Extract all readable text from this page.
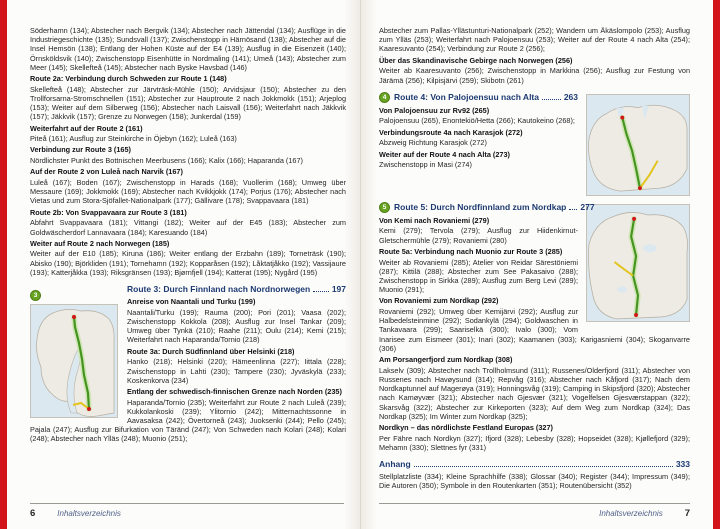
Söderhamn (134); Abstecher nach Bergvik (134); Abstecher nach Jättendal (134); Ausflüge in die Industriegeschichte (135); Sundsvall (137); Zwischenstopp in Härnösand (138); Abstecher auf die Insel Hemsön (138); Entlang der Hohen Küste auf der E4 (139); Ausflug in die Eisenzeit (140); Örnsköldsvik (140); Zwischenstopp Eisenhütte in Nordmaling (141); Umeå (143); Abstecher zum Meer (145); Skellefteå (145); Abstecher nach Byske Havsbad (146)

Route 2a: Verbindung durch Schweden zur Route 1 (148)

Skellefteå (148); Abstecher zur Järvträsk-Mühle (150); Arvidsjaur (150); Abstecher zu den Trollforsarna-Stromschnellen (151); Abstecher zur Hauptroute 2 nach Jokkmokk (151); Arjeplog (153); Weiter auf dem Silberweg (156); Abstecher nach Laisvall (156); Weiterfahrt nach Jäkkvik (157); Jäkkvik (157); Grenze zu Norwegen (158); Junkerdal (159)

Weiterfahrt auf der Route 2 (161)

Piteå (161); Ausflug zur Steinkirche in Öjebyn (162); Luleå (163)

Verbindung zur Route 3 (165)

Nördlichster Punkt des Bottnischen Meerbusens (166); Kalix (166); Haparanda (167)

Auf der Route 2 von Luleå nach Narvik (167)

Luleå (167); Boden (167); Zwischenstopp in Harads (168); Vuollerim (168); Umweg über Messaure (169); Jokkmokk (169); Abstecher nach Kvikkjokk (174); Porjus (176); Abstecher nach Vietas und zum Stora-Sjöfallet-Nationalpark (177); Gällivare (178); Svappavaara (181)

Route 2b: Von Svappavaara zur Route 3 (181)

Abfahrt Svappavaara (181); Vittangi (182); Weiter auf der E45 (183); Abstecher zum Goldwäscherdorf Lannavaara (184); Karesuando (184)

Weiter auf Route 2 nach Norwegen (185)

Weiter auf der E10 (185); Kiruna (186); Weiter entlang der Erzbahn (189); Torneträsk (190); Abisko (190); Björkliden (191); Tornehamn (192); Kopparåsen (192); Låktatjåkko (192); Vassijaure (193); Katterjåkka (193); Riksgränsen (193); Bjørnfjell (194); Katterat (195); Nygård (195)

3
Route 3: Durch Finnland nach Nordnorwegen	197

Anreise von Naantali und Turku (199)

Naantali/Turku (199); Rauma (200); Pori (201); Vaasa (202); Zwischenstopp Kokkola (208); Ausflug zur Insel Tankar (209); Umweg über Tynkä (210); Raahe (211); Oulu (214); Kemi (215); Weiterfahrt nach Haparanda/Tornio (218)

Route 3a: Durch Südfinnland über Helsinki (218)

Hanko (218); Helsinki (220); Hämeenlinna (227); Iittala (228); Zwischenstopp in Lahti (230); Tampere (230); Jyväskylä (233); Koskenkorva (234)

Entlang der schwedisch-finnischen Grenze nach Norden (235)

Haparanda/Tornio (235); Weiterfahrt zur Route 2 nach Luleå (239); Kukkolankoski (239); Ylitornio (242); Mitternachtssonne in Aavasaksa (242); Övertorneå (243); Juoksenki (244); Pello (245); Pajala (247); Ausflug zur Bifurkation von Täränd (247); Von Schweden nach Kolari (248); Kolari (248); Abstecher nach Ylläs (248); Muonio (251);

6	Inhaltsverzeichnis

Abstecher zum Pallas-Yllästunturi-Nationalpark (252); Wandern um Äkäslompolo (253); Ausflug zum Ylläs (253); Weiterfahrt nach Palojoensuu (253); Weiter auf der Route 4 nach Alta (254); Kaaresuvanto (254); Verbindung zur Route 2 (256);

Über das Skandinavische Gebirge nach Norwegen (256)

Weiter ab Kaaresuvanto (256); Zwischenstopp in Markkina (256); Ausflug zur Festung von Järämä (256); Kilpisjärvi (259); Skibotn (261)

4 Route 4: Von Palojoensuu nach Alta	263

Von Palojoensuu zur Rv92 (265)

Palojoensuu (265), Enontekiö/Hetta (266); Kautokeino (268);

Verbindungsroute 4a nach Karasjok (272)

Abzweig Richtung Karasjok (272)

Weiter auf der Route 4 nach Alta (273)

Zwischenstopp in Masi (274)

5 Route 5: Durch Nordfinnland zum Nordkap 277

Von Kemi nach Rovaniemi (279)

Kemi (279); Tervola (279); Ausflug zur Hiidenkirnut-Gletschermühle (279); Rovaniemi (280)

Route 5a: Verbindung nach Muonio zur Route 3 (285)

Weiter ab Rovaniemi (285); Atelier von Reidar Särestöniemi (287); Kittilä (288); Abstecher zum See Pakasaivo (288); Zwischenstopp in Sirkka (289); Ausflug zum Berg Levi (289); Muonio (291);

Von Rovaniemi zum Nordkap (292)

Rovaniemi (292); Umweg über Kemijärvi (292); Ausflug zur Halbedelsteinmine (292); Sodankylä (294); Goldwaschen in Tankavaara (299); Saariselkä (300); Ivalo (300); Vom Inarisee zum Eismeer (301); Inari (302); Kaamanen (303); Karigasniemi (304); Skoganvarre (306)

Am Porsangerfjord zum Nordkap (308)

Lakselv (309); Abstecher nach Trollholmsund (311); Russenes/Olderfjord (311); Abstecher von Russenes nach Havøysund (314); Repvåg (316); Abstecher nach Kåfjord (317); Nach dem Nordkaptunnel auf Magerøya (319); Honningsvåg (319); Camping in Skipsfjord (320); Abstecher nach Kamøyvær (321); Abstecher nach Gjesvær (321); Vogelfelsen Gjesværstappan (322); Skarsvåg (322); Abstecher zur Kirkeporten (323); Auf dem Weg zum Nordkap (324); Das Nordkap (325); Im Winter zum Nordkap (325);

Nordkyn – das nördlichste Festland Europas (327)

Per Fähre nach Nordkyn (327); Ifjord (328); Lebesby (328); Hopseidet (328); Kjøllefjord (329); Mehamn (330); Slettnes fyr (331)

Anhang	333

Stellplatzliste (334); Kleine Sprachhilfe (338); Glossar (340); Register (344); Impressum (349); Die Autoren (350); Symbole in den Routenkarten (351); Routenübersicht (352)

Inhaltsverzeichnis 7
